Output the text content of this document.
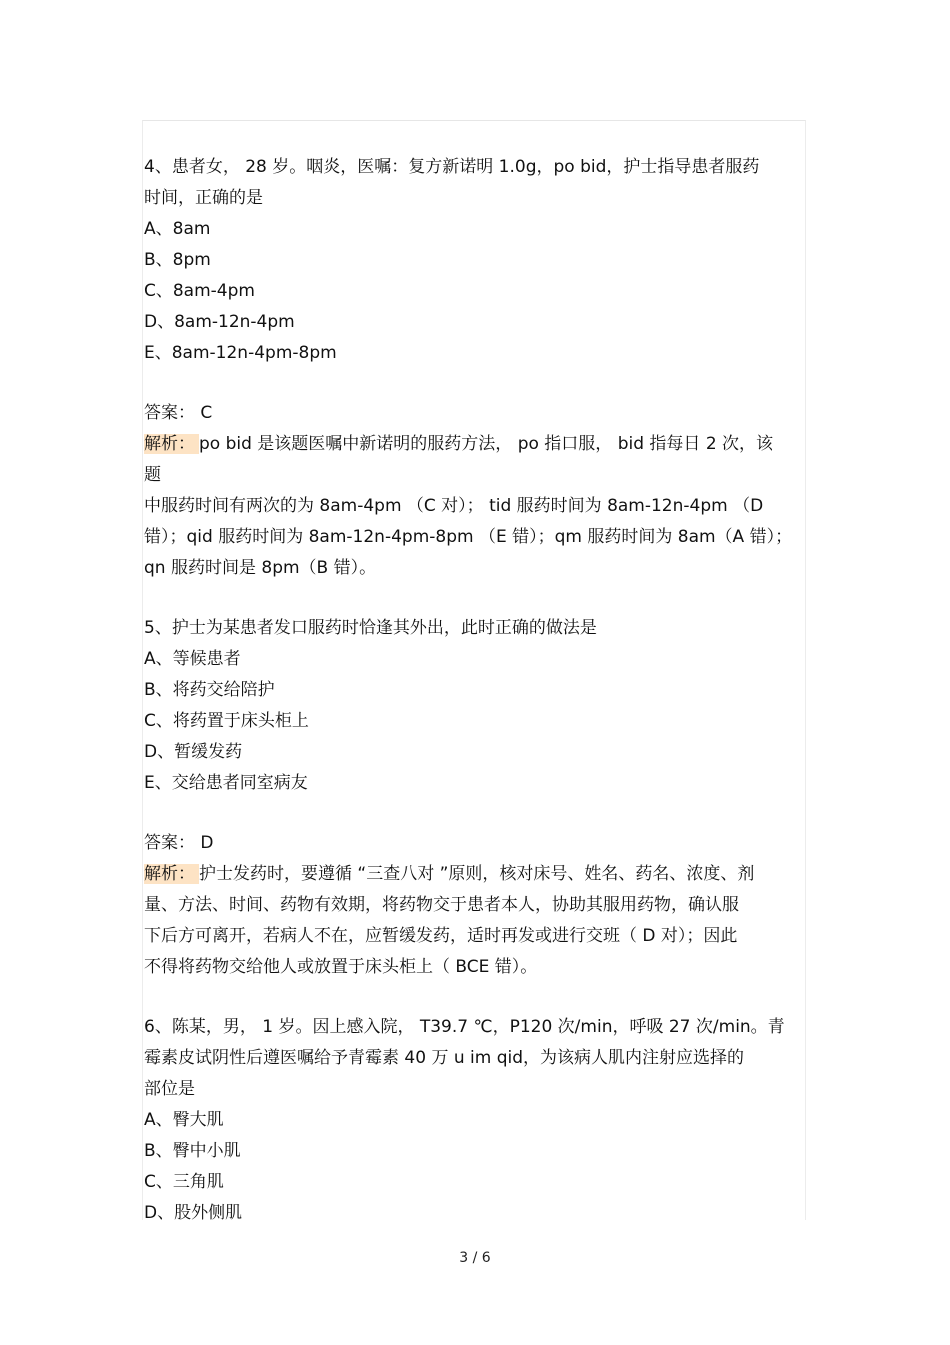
4、患者女， 28 岁。咽炎，医嘱：复方新诺明 1.0g，po bid，护士指导患者服药
时间，正确的是
A、8am
B、8pm
C、8am-4pm
D、8am-12n-4pm
E、8am-12n-4pm-8pm
答案： C
解析： po bid 是该题医嘱中新诺明的服药方法， po 指口服， bid 指每日 2 次，该
题
中服药时间有两次的为 8am-4pm （C 对）； tid 服药时间为 8am-12n-4pm （D
错）；qid 服药时间为 8am-12n-4pm-8pm （E 错）；qm 服药时间为 8am（A 错）；
qn 服药时间是 8pm（B 错）。
5、护士为某患者发口服药时恰逢其外出，此时正确的做法是
A、等候患者
B、将药交给陪护
C、将药置于床头柜上
D、暂缓发药
E、交给患者同室病友
答案： D
解析： 护士发药时，要遵循 “三查八对 ”原则，核对床号、姓名、药名、浓度、剂
量、方法、时间、药物有效期，将药物交于患者本人，协助其服用药物，确认服
下后方可离开，若病人不在，应暂缓发药，适时再发或进行交班（ D 对）；因此
不得将药物交给他人或放置于床头柜上（ BCE 错）。
6、陈某，男， 1 岁。因上感入院， T39.7 ℃，P120 次/min，呼吸 27 次/min。青
霉素皮试阴性后遵医嘱给予青霉素 40 万 u im qid，为该病人肌内注射应选择的
部位是
A、臀大肌
B、臀中小肌
C、三角肌
D、股外侧肌
3 / 6
